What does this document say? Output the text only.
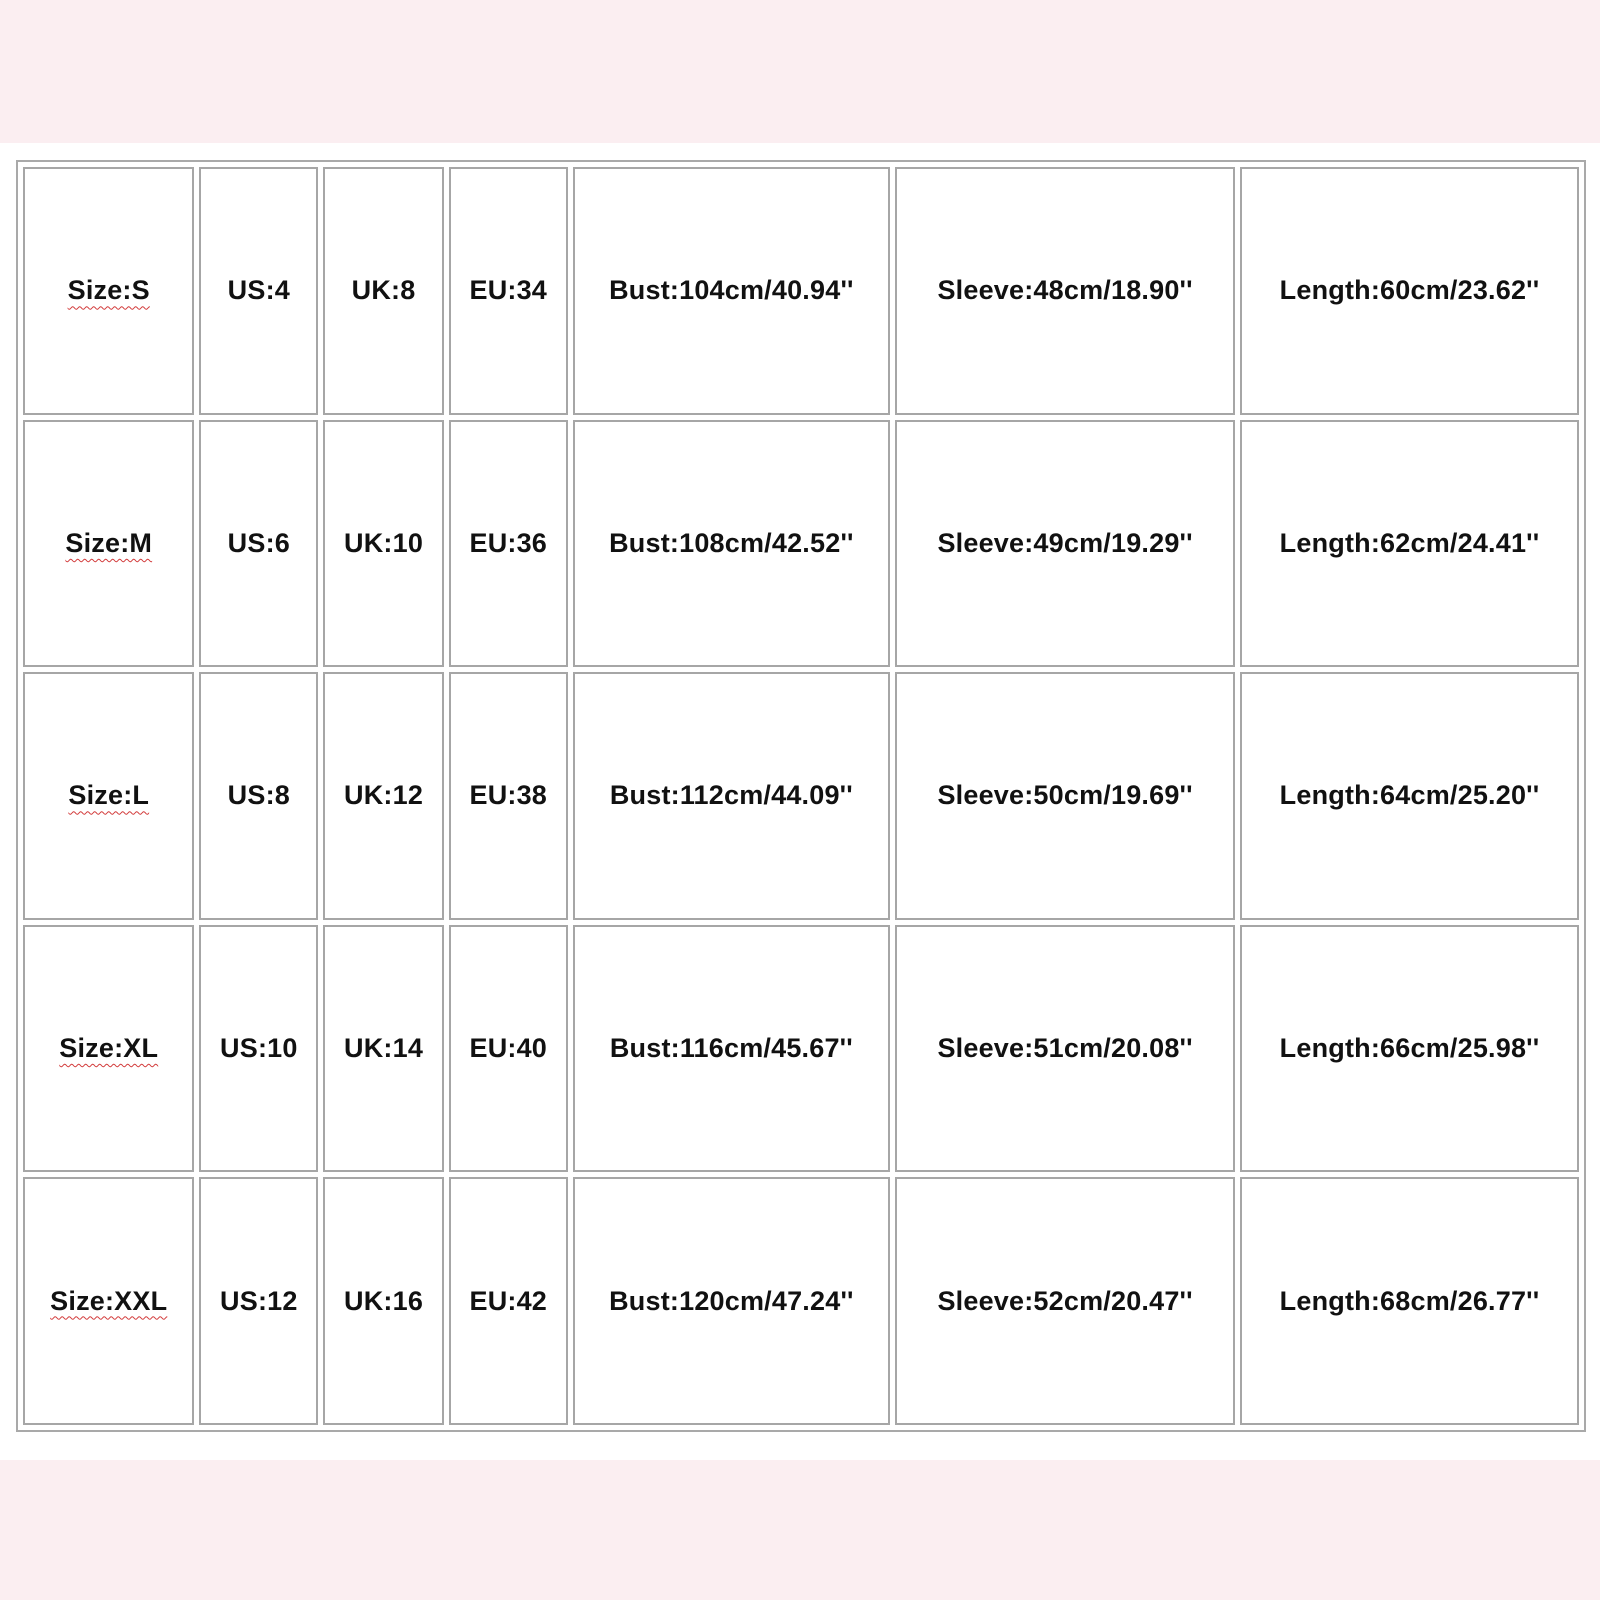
Size:S	US:4	UK:8	EU:34	Bust:104cm/40.94''	Sleeve:48cm/18.90''	Length:60cm/23.62''
Size:M	US:6	UK:10	EU:36	Bust:108cm/42.52''	Sleeve:49cm/19.29''	Length:62cm/24.41''
Size:L	US:8	UK:12	EU:38	Bust:112cm/44.09''	Sleeve:50cm/19.69''	Length:64cm/25.20''
Size:XL	US:10	UK:14	EU:40	Bust:116cm/45.67''	Sleeve:51cm/20.08''	Length:66cm/25.98''
Size:XXL	US:12	UK:16	EU:42	Bust:120cm/47.24''	Sleeve:52cm/20.47''	Length:68cm/26.77''
